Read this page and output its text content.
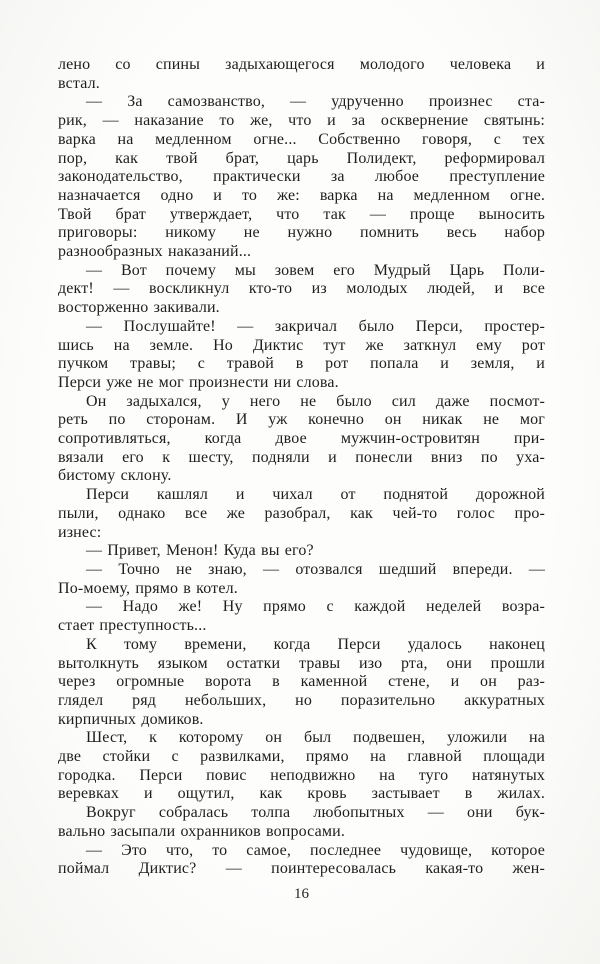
лено со спины задыхающегося молодого человека и
встал.
— За самозванство, — удрученно произнес ста-
рик, — наказание то же, что и за осквернение святынь:
варка на медленном огне... Собственно говоря, с тех
пор, как твой брат, царь Полидект, реформировал
законодательство, практически за любое преступление
назначается одно и то же: варка на медленном огне.
Твой брат утверждает, что так — проще выносить
приговоры: никому не нужно помнить весь набор
разнообразных наказаний...
— Вот почему мы зовем его Мудрый Царь Поли-
дект! — воскликнул кто-то из молодых людей, и все
восторженно закивали.
— Послушайте! — закричал было Перси, простер-
шись на земле. Но Диктис тут же заткнул ему рот
пучком травы; с травой в рот попала и земля, и
Перси уже не мог произнести ни слова.
Он задыхался, у него не было сил даже посмот-
реть по сторонам. И уж конечно он никак не мог
сопротивляться, когда двое мужчин-островитян при-
вязали его к шесту, подняли и понесли вниз по уха-
бистому склону.
Перси кашлял и чихал от поднятой дорожной
пыли, однако все же разобрал, как чей-то голос про-
изнес:
— Привет, Менон! Куда вы его?
— Точно не знаю, — отозвался шедший впереди. —
По-моему, прямо в котел.
— Надо же! Ну прямо с каждой неделей возра-
стает преступность...
К тому времени, когда Перси удалось наконец
вытолкнуть языком остатки травы изо рта, они прошли
через огромные ворота в каменной стене, и он раз-
глядел ряд небольших, но поразительно аккуратных
кирпичных домиков.
Шест, к которому он был подвешен, уложили на
две стойки с развилками, прямо на главной площади
городка. Перси повис неподвижно на туго натянутых
веревках и ощутил, как кровь застывает в жилах.
Вокруг собралась толпа любопытных — они бук-
вально засыпали охранников вопросами.
— Это что, то самое, последнее чудовище, которое
поймал Диктис? — поинтересовалась какая-то жен-
16
